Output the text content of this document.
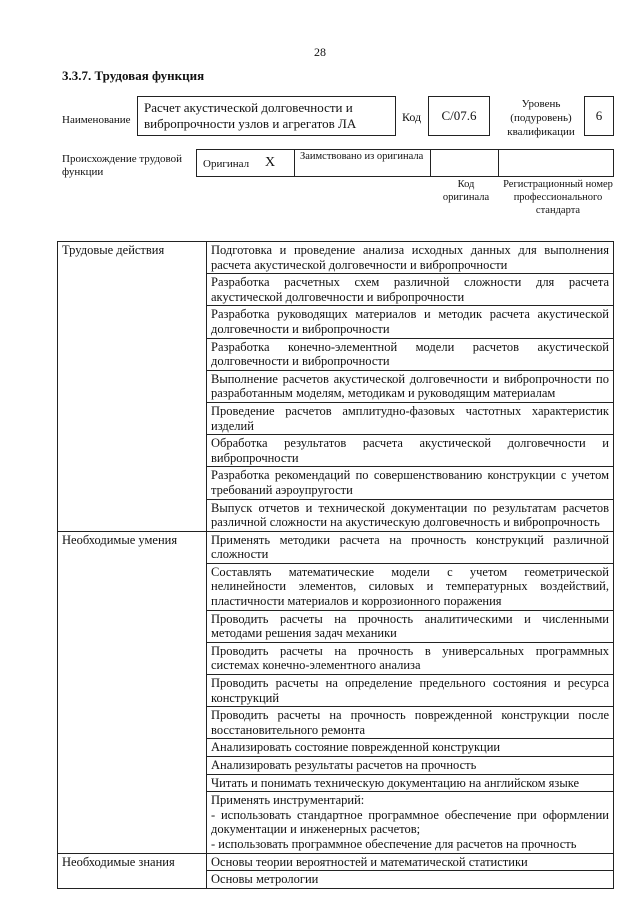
28
3.3.7. Трудовая функция
Наименование
Расчет акустической долговечности и вибропрочности узлов и агрегатов ЛА	Код C/07.6
Уровень (подуровень) квалификации
6
Происхождение трудовой функции
Оригинал X Заимствовано из оригинала
Код оригинала
Регистрационный номер профессионального стандарта
Трудовые действия	Подготовка и проведение анализа исходных данных для выполнения расчета акустической долговечности и вибропрочности
	Разработка расчетных схем различной сложности для расчета акустической долговечности и вибропрочности
	Разработка руководящих материалов и методик расчета акустической долговечности и вибропрочности
	Разработка конечно-элементной модели расчетов акустической долговечности и вибропрочности
	Выполнение расчетов акустической долговечности и вибропрочности по разработанным моделям, методикам и руководящим материалам
	Проведение расчетов амплитудно-фазовых частотных характеристик изделий
	Обработка результатов расчета акустической долговечности и вибропрочности
	Разработка рекомендаций по совершенствованию конструкции с учетом требований аэроупругости
	Выпуск отчетов и технической документации по результатам расчетов различной сложности на акустическую долговечность и вибропрочность
Необходимые умения	Применять методики расчета на прочность конструкций различной сложности
	Составлять математические модели с учетом геометрической нелинейности элементов, силовых и температурных воздействий, пластичности материалов и коррозионного поражения
	Проводить расчеты на прочность аналитическими и численными методами решения задач механики
	Проводить расчеты на прочность в универсальных программных системах конечно-элементного анализа
	Проводить расчеты на определение предельного состояния и ресурса конструкций
	Проводить расчеты на прочность поврежденной конструкции после восстановительного ремонта
	Анализировать состояние поврежденной конструкции
	Анализировать результаты расчетов на прочность
	Читать и понимать техническую документацию на английском языке

	Применять инструментарий:
- использовать стандартное программное обеспечение при оформлении документации и инженерных расчетов;
- использовать программное обеспечение для расчетов на прочность

Необходимые знания	Основы теории вероятностей и математической статистики
	Основы метрологии
